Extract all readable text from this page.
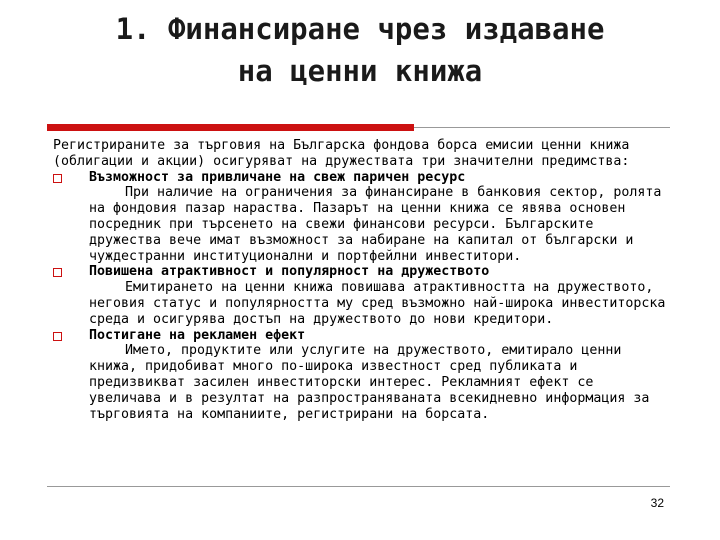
1. Финансиране чрез издаване
на ценни книжа
Регистрираните за търговия на Българска фондова борса емисии ценни книжа (облигации и акции) осигуряват на дружествата три значителни предимства:
Възможност за привличане на свеж паричен ресурс
При наличие на ограничения за финансиране в банковия сектор, ролята на фондовия пазар нараства. Пазарът на ценни книжа се явява основен посредник при търсенето на свежи финансови ресурси. Българските дружества вече имат възможност за набиране на капитал от български и чуждестранни институционални и портфейлни инвеститори.
Повишена атрактивност и популярност на дружеството
Емитирането на ценни книжа повишава атрактивността на дружеството, неговия статус и популярността му сред възможно най-широка инвеститорска среда и осигурява достъп на дружеството до нови кредитори.
Постигане на рекламен ефект
Името, продуктите или услугите на дружеството, емитирало ценни книжа, придобиват много по-широка известност сред публиката и предизвикват засилен инвеститорски интерес. Рекламният ефект се увеличава и в резултат на разпространяваната всекидневно информация за търговията на компаниите, регистрирани на борсата.
32
